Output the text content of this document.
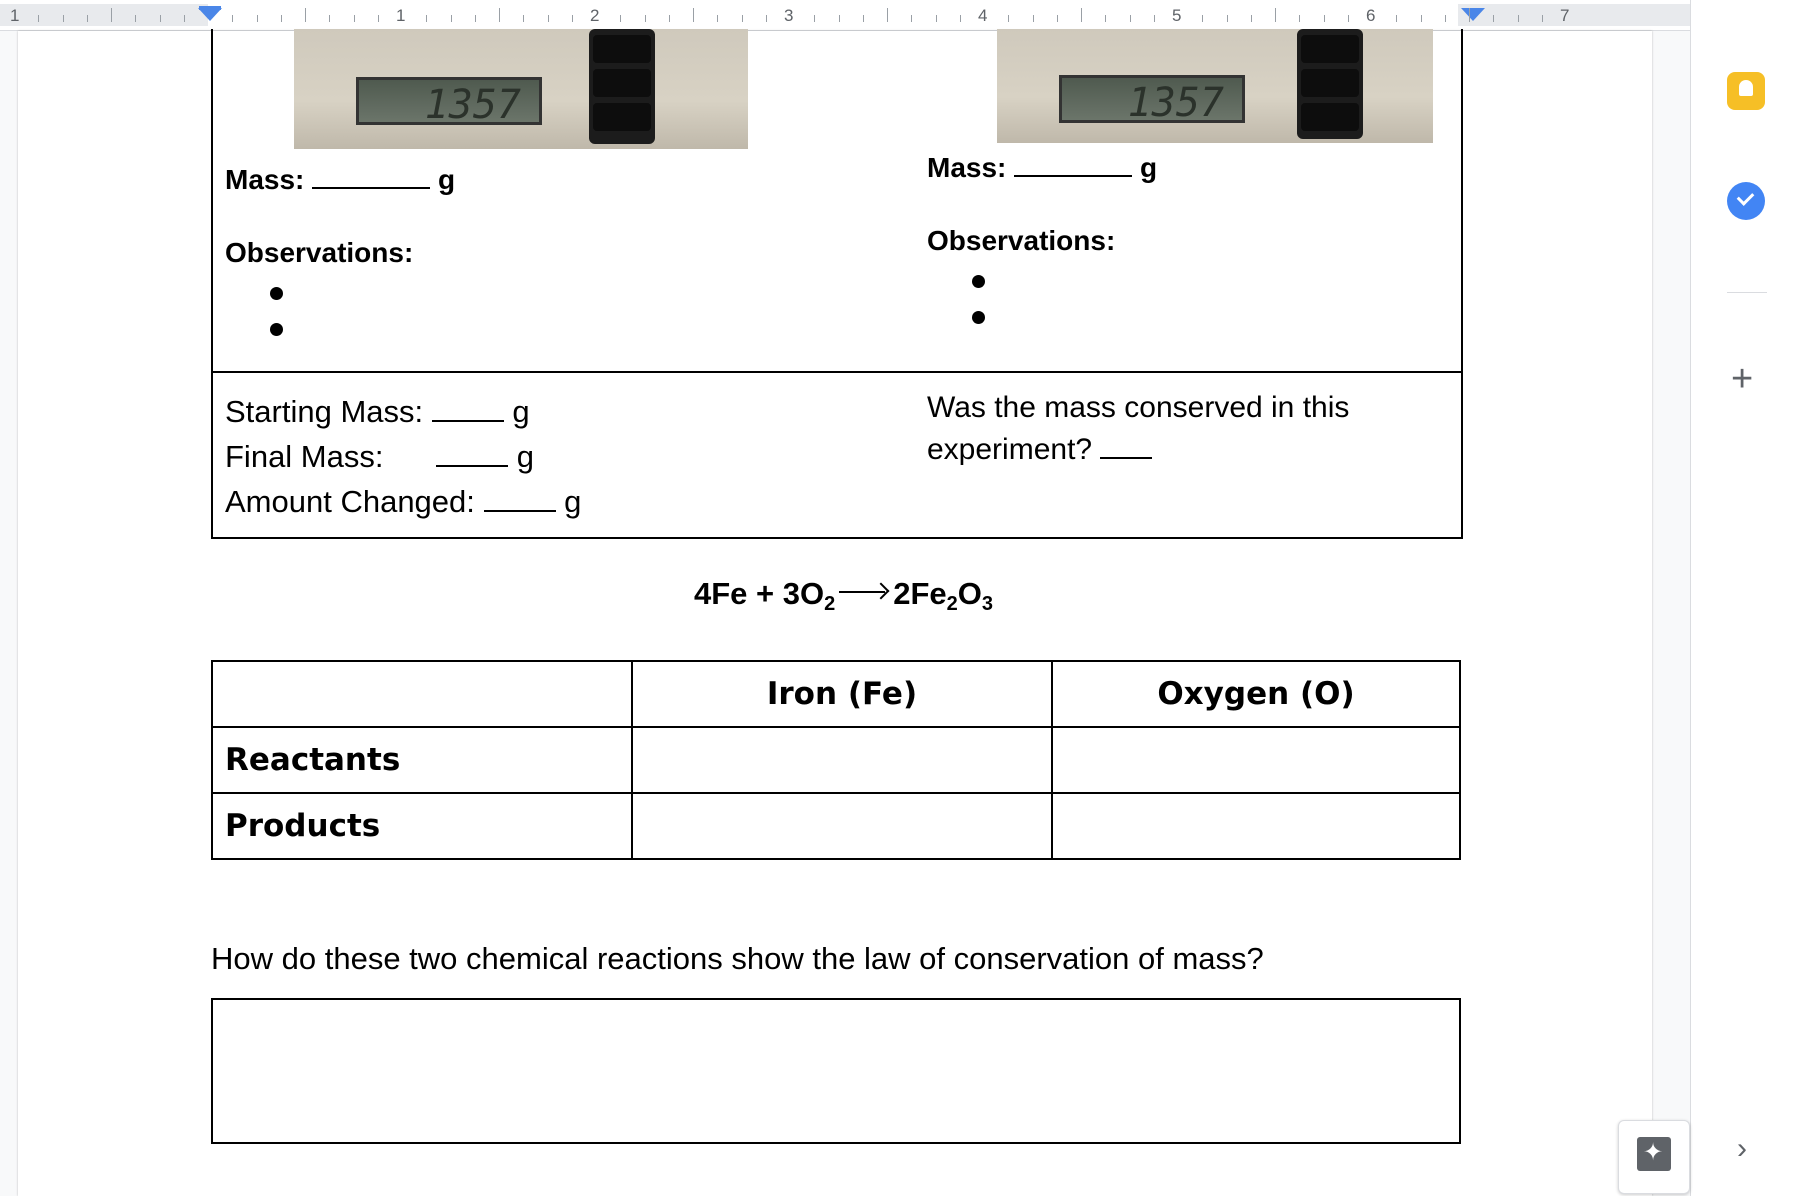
1	1	2	3	4	5	6	7
1357	1357
Mass:	g
Observations:
Mass:	g
Observations:
Starting Mass:	g
Final Mass:	g
Amount Changed:	g
Was the mass conserved in this
experiment?
$4Fe + 3O_2$ $2Fe_2O_3$
	Iron (Fe)	Oxygen (O)
Reactants		
Products		
How do these two chemical reactions show the law of conservation of mass?
+
›
✦
